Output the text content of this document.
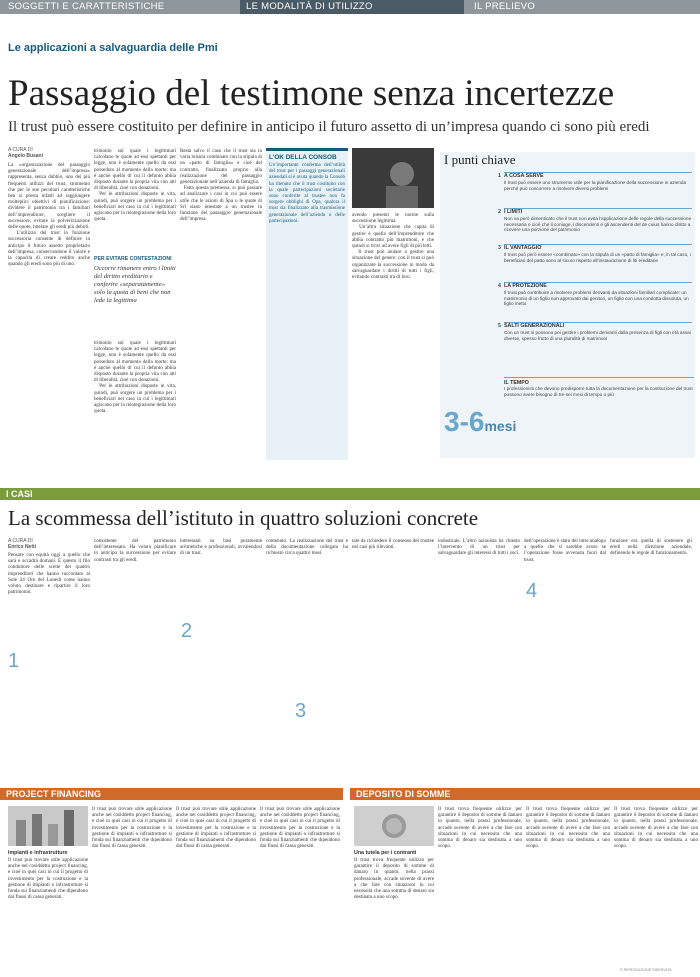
SOGGETTI E CARATTERISTICHE	LE MODALITÀ DI UTILIZZO	IL PRELIEVO
Le applicazioni a salvaguardia delle Pmi
Passaggio del testimone senza incertezze
Il trust può essere costituito per definire in anticipo il futuro assetto di un’impresa quando ci sono più eredi
A CURA DI
Angelo Busani
La «organizzazione del passaggio generazionale dell’impresa» rappresenta, senza dubbio, uno dei più frequenti utilizzi del trust, strumento che per le sue peculiari caratteristiche ben si presta infatti ad raggiungere molteplici obiettivi di pianificazione: dividere il patrimonio tra i familiari dell’imprenditore, scegliere il successore, evitare la polverizzazione delle quote, tutelare gli eredi più deboli.
L’utilizzo del trust in funzione successoria consente di definire in anticipo il futuro assetto proprietario dell’impresa, conservandone il valore e la capacità di creare reddito anche quando gli eredi sono più di uno.
trimonio sul quale i legittimari calcolano le quote ad essi spettanti per legge, non è solamente quello da essi posseduto al momento della morte: ma è anche quello di cui il defunto abbia disposto durante la propria vita con atti di liberalità, cioè con donazioni.
Per le attribuzioni disposte in vita, quindi, può sorgere un problema per i beneficiari nel caso in cui i legittimari agiscano per la reintegrazione della loro quota.
PER EVITARE CONTESTAZIONI
Occorre rimanere entro i limiti del diritto ereditario e conferire «separatamente» solo la quota di beni che non lede la legittima
trimonio sul quale i legittimari calcolano le quote ad essi spettanti per legge, non è solamente quello da essi posseduto al momento della morte: ma è anche quello di cui il defunto abbia disposto durante la propria vita con atti di liberalità, cioè con donazioni.
Per le attribuzioni disposte in vita, quindi, può sorgere un problema per i beneficiari nel caso in cui i legittimari agiscano per la reintegrazione della loro quota.
Resta salvo il caso che il trust sia in varia misura combinato con la stipula di un «patto di famiglia» e cioè del contratto, finalizzato proprio alla realizzazione del passaggio generazionale nell’azienda di famiglia.
Fatta questa premessa, si può passare ad analizzare i casi in cui può essere utile che le azioni di Spa o le quote di Srl siano intestate a un trustee in funzione del passaggio generazionale dell’impresa.
L’OK DELLA CONSOB
Un’importante conferma dell’utilità del trust per i passaggi generazionali aziendali si è avuta quando la Consob ha ritenuto che il trust costituito con la quale partecipazioni societarie sono conferite al trustee non fa sorgere obblighi di Opa, qualora il trust sia finalizzato alla trasmissione generazionale dell’azienda o delle partecipazioni.
avendo presenti le norme sulla successione legittima.
Un’altra situazione che capita di gestire è quella dell’imprenditore che abbia contratto più matrimoni, e che quindi si trovi ad avere figli di più letti.
Il trust può aiutare a gestire una situazione del genere: con il trust si può organizzare la successione in modo da salvaguardare i diritti di tutti i figli, evitando contrasti tra di loro.
I punti chiave
1 A COSA SERVE
Il trust può essere uno strumento utile per la pianificazione della successione in azienda perché può concorrere a risolvere diversi problemi
2 I LIMITI
Non va però dimenticato che il trust non evita l’applicazione delle regole della successione necessaria e cioè che il coniuge, i discendenti e gli ascendenti del de cuius hanno diritto a ricevere una porzione del patrimonio
3 IL VANTAGGIO
Il trust può però essere «combinato» con la stipula di un «patto di famiglia» e, in tal caso, i beneficiari del patto sono al sicuro rispetto all’instaurazione di liti ereditarie
4 LA PROTEZIONE
Il trust può contribuire a risolvere problemi derivanti da situazioni familiari complicate: un matrimonio di un figlio non approvato dai genitori, un figlio con una condotta dissoluta, un figlio inetto
5 SALTI GENERAZIONALI
Con un trust si possono poi gestire i problemi derivanti dalla presenza di figli con età assai diverse, spesso frutto di una pluralità di matrimoni
IL TEMPO
I professionisti che devono predisporre tutta la documentazione per la costituzione del trust possono avere bisogno di tre-sei mesi di tempo o più
3-6mesi
I CASI
La scommessa dell’istituto in quattro soluzioni concrete
A CURA DI
Enrico Netti
Pensare con equità oggi a quello che sarà e accadrà domani. È questo il filo conduttore delle scelte dei quattro imprenditori che hanno raccontato al Sole 24 Ore del Lunedì come hanno voluto destinare e ripartire il loro patrimonio.
consistente del patrimonio dell’interessato. Ha voluto pianificare in anticipo la successione per evitare contrasti tra gli eredi.
interessati su basi puramente aritmetiche e professionali, avvalendosi di un trust.
contenuto. La realizzazione del trust e della documentazione collegata ha richiesto circa quattro mesi.
tale da richiedere il consenso del trustee nei casi più rilevanti.
industriale. L’altro azionista ha chiesto l’intervento di un trust per salvaguardare gli interessi di tutti i soci.
dell’operazione è stato del tutto analogo a quello che si sarebbe avuto se l’operazione fosse avvenuta fuori dal trust.
funzione era quella di sostenere gli eredi nella direzione aziendale, definendo le regole di funzionamento.
1
2
3
4
PROJECT FINANCING
Impianti e infrastrutture
Il trust può trovare utile applicazione anche nel cosiddetto project financing, e cioè in quei casi in cui il progetto di investimento per la costruzione e la gestione di impianti o infrastrutture si fonda sui finanziamenti che dipendono dai flussi di cassa generati.
Il trust può trovare utile applicazione anche nel cosiddetto project financing, e cioè in quei casi in cui il progetto di investimento per la costruzione e la gestione di impianti o infrastrutture si fonda sui finanziamenti che dipendono dai flussi di cassa generati.
Il trust può trovare utile applicazione anche nel cosiddetto project financing, e cioè in quei casi in cui il progetto di investimento per la costruzione e la gestione di impianti o infrastrutture si fonda sui finanziamenti che dipendono dai flussi di cassa generati.
Il trust può trovare utile applicazione anche nel cosiddetto project financing, e cioè in quei casi in cui il progetto di investimento per la costruzione e la gestione di impianti o infrastrutture si fonda sui finanziamenti che dipendono dai flussi di cassa generati.
DEPOSITO DI SOMME
Una tutela per i contranti
Il trust trova frequente utilizzo per garantire il deposito di somme di danaro in quanto, nella prassi professionale, accade sovente di avere a che fare con situazioni in cui necessita che una somma di denaro sia destinata a uno scopo.
Il trust trova frequente utilizzo per garantire il deposito di somme di danaro in quanto, nella prassi professionale, accade sovente di avere a che fare con situazioni in cui necessita che una somma di denaro sia destinata a uno scopo.
Il trust trova frequente utilizzo per garantire il deposito di somme di danaro in quanto, nella prassi professionale, accade sovente di avere a che fare con situazioni in cui necessita che una somma di denaro sia destinata a uno scopo.
Il trust trova frequente utilizzo per garantire il deposito di somme di danaro in quanto, nella prassi professionale, accade sovente di avere a che fare con situazioni in cui necessita che una somma di denaro sia destinata a uno scopo.
© RIPRODUZIONE RISERVATA
